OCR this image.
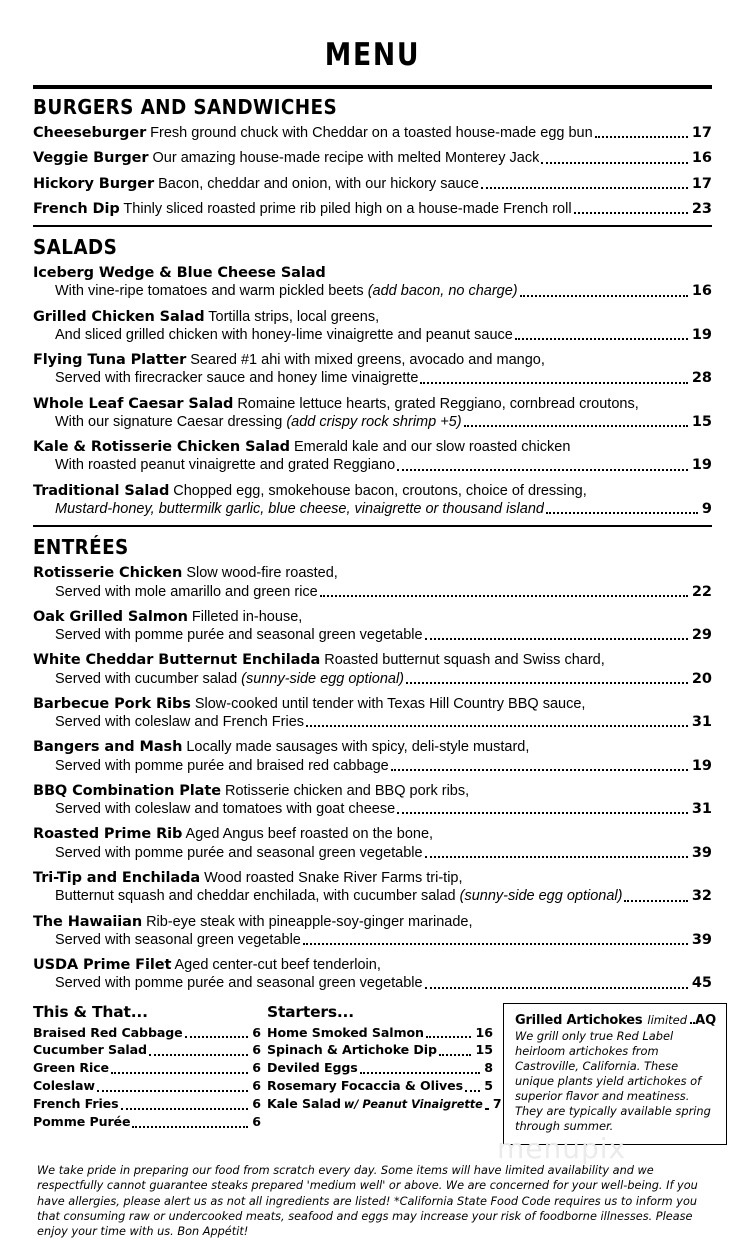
MENU
BURGERS AND SANDWICHES
Cheeseburger Fresh ground chuck with Cheddar on a toasted house-made egg bun	17
Veggie Burger Our amazing house-made recipe with melted Monterey Jack	16
Hickory Burger Bacon, cheddar and onion, with our hickory sauce	17
French Dip Thinly sliced roasted prime rib piled high on a house-made French roll	23
SALADS
Iceberg Wedge & Blue Cheese Salad
With vine-ripe tomatoes and warm pickled beets (add bacon, no charge)	16
Grilled Chicken Salad Tortilla strips, local greens,
And sliced grilled chicken with honey-lime vinaigrette and peanut sauce	19
Flying Tuna Platter Seared #1 ahi with mixed greens, avocado and mango,
Served with firecracker sauce and honey lime vinaigrette	28
Whole Leaf Caesar Salad Romaine lettuce hearts, grated Reggiano, cornbread croutons,
With our signature Caesar dressing (add crispy rock shrimp +5)	15
Kale & Rotisserie Chicken Salad Emerald kale and our slow roasted chicken
With roasted peanut vinaigrette and grated Reggiano	19
Traditional Salad Chopped egg, smokehouse bacon, croutons, choice of dressing,
Mustard-honey, buttermilk garlic, blue cheese, vinaigrette or thousand island	9
ENTRÉES
Rotisserie Chicken Slow wood-fire roasted,
Served with mole amarillo and green rice	22
Oak Grilled Salmon Filleted in-house,
Served with pomme purée and seasonal green vegetable	29
White Cheddar Butternut Enchilada Roasted butternut squash and Swiss chard,
Served with cucumber salad (sunny-side egg optional)	20
Barbecue Pork Ribs Slow-cooked until tender with Texas Hill Country BBQ sauce,
Served with coleslaw and French Fries	31
Bangers and Mash Locally made sausages with spicy, deli-style mustard,
Served with pomme purée and braised red cabbage	19
BBQ Combination Plate Rotisserie chicken and BBQ pork ribs,
Served with coleslaw and tomatoes with goat cheese	31
Roasted Prime Rib Aged Angus beef roasted on the bone,
Served with pomme purée and seasonal green vegetable	39
Tri-Tip and Enchilada Wood roasted Snake River Farms tri-tip,
Butternut squash and cheddar enchilada, with cucumber salad (sunny-side egg optional)	32
The Hawaiian Rib-eye steak with pineapple-soy-ginger marinade,
Served with seasonal green vegetable	39
USDA Prime Filet Aged center-cut beef tenderloin,
Served with pomme purée and seasonal green vegetable	45
This & That...
Braised Red Cabbage	6
Cucumber Salad	6
Green Rice	6
Coleslaw	6
French Fries	6
Pomme Purée	6
Starters...
Home Smoked Salmon	16
Spinach & Artichoke Dip	15
Deviled Eggs	8
Rosemary Focaccia & Olives 5
Kale Salad w/ Peanut Vinaigrette 7
Grilled Artichokes limited AQ
We grill only true Red Label heirloom artichokes from Castroville, California. These unique plants yield artichokes of superior flavor and meatiness. They are typically available spring through summer.
We take pride in preparing our food from scratch every day. Some items will have limited availability and we respectfully cannot guarantee steaks prepared 'medium well' or above. We are concerned for your well-being. If you have allergies, please alert us as not all ingredients are listed! *California State Food Code requires us to inform you that consuming raw or undercooked meats, seafood and eggs may increase your risk of foodborne illnesses. Please enjoy your time with us. Bon Appétit!
menupix
